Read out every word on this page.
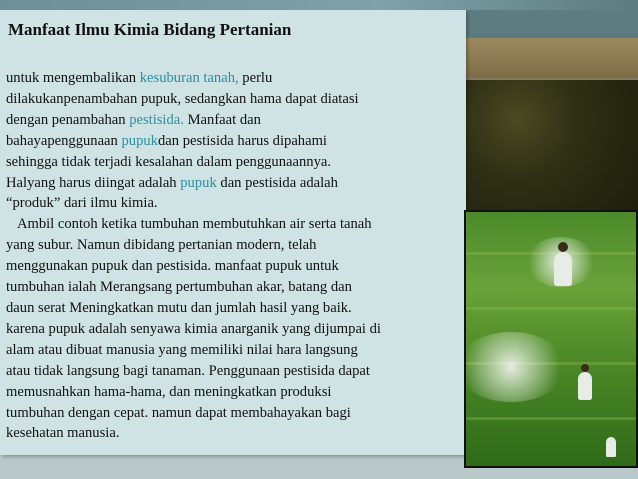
Manfaat Ilmu Kimia Bidang Pertanian
untuk mengembalikan kesuburan tanah, perlu
dilakukanpenambahan pupuk, sedangkan hama dapat diatasi
dengan penambahan pestisida. Manfaat dan
bahayapenggunaan pupukdan pestisida harus dipahami
sehingga tidak terjadi kesalahan dalam penggunaannya.
Halyang harus diingat adalah pupuk dan pestisida adalah
“produk” dari ilmu kimia.
Ambil contoh ketika tumbuhan membutuhkan air serta tanah
yang subur. Namun dibidang pertanian modern, telah
menggunakan pupuk dan pestisida. manfaat pupuk untuk
tumbuhan ialah Merangsang pertumbuhan akar, batang dan
daun serat Meningkatkan mutu dan jumlah hasil yang baik.
karena pupuk adalah senyawa kimia anarganik yang dijumpai di
alam atau dibuat manusia yang memiliki nilai hara langsung
atau tidak langsung bagi tanaman. Penggunaan pestisida dapat
memusnahkan hama-hama, dan meningkatkan produksi
tumbuhan dengan cepat. namun dapat membahayakan bagi
kesehatan manusia.
